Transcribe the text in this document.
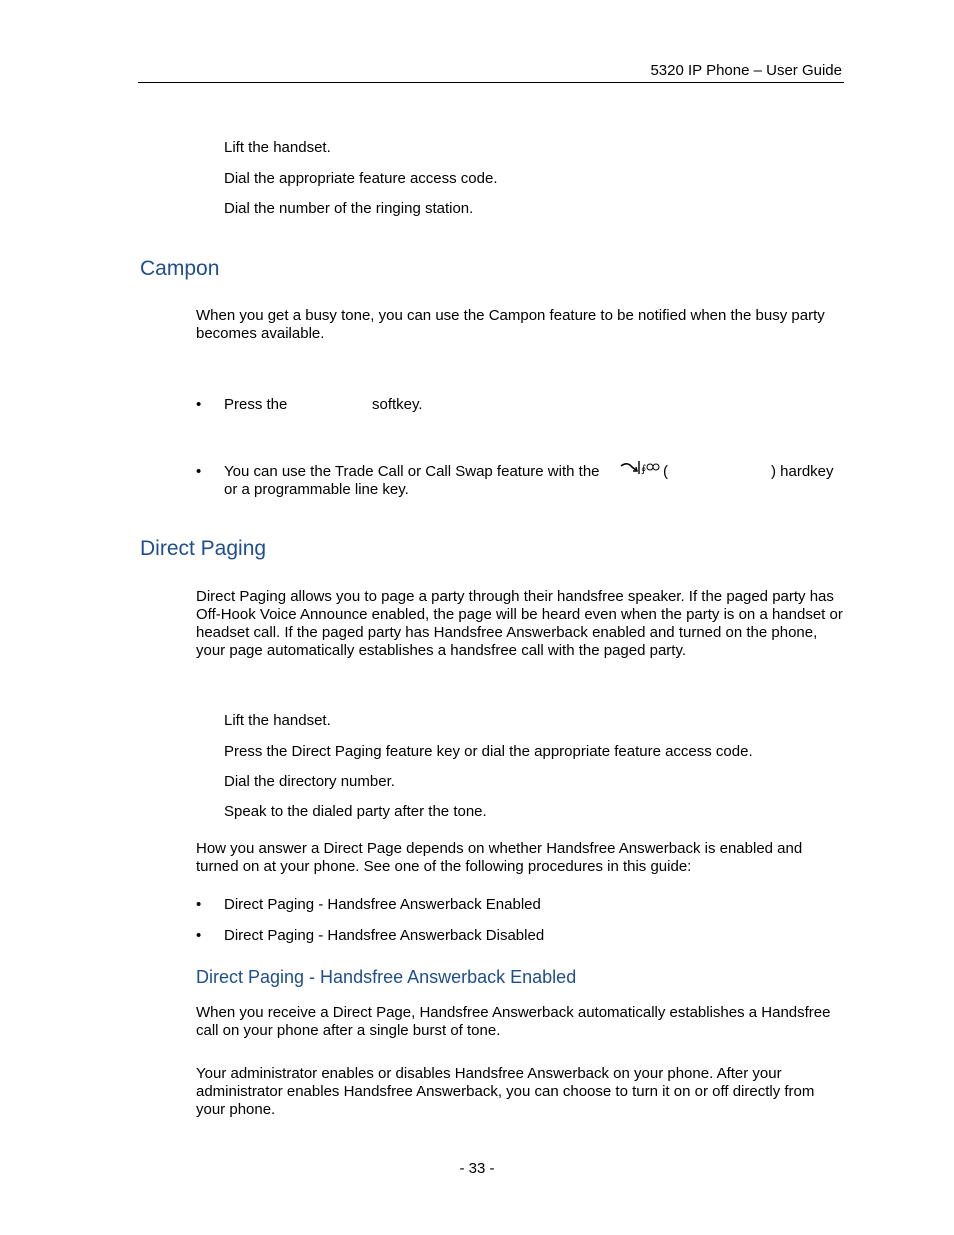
5320 IP Phone – User Guide
Lift the handset.
Dial the appropriate feature access code.
Dial the number of the ringing station.
Campon
When you get a busy tone, you can use the Campon feature to be notified when the busy party becomes available.
• Press the	softkey.
• You can use the Trade Call or Call Swap feature with the	∮ (	) hardkey
or a programmable line key.
Direct Paging
Direct Paging allows you to page a party through their handsfree speaker. If the paged party has Off-Hook Voice Announce enabled, the page will be heard even when the party is on a handset or headset call. If the paged party has Handsfree Answerback enabled and turned on the phone, your page automatically establishes a handsfree call with the paged party.
Lift the handset.
Press the Direct Paging feature key or dial the appropriate feature access code.
Dial the directory number.
Speak to the dialed party after the tone.
How you answer a Direct Page depends on whether Handsfree Answerback is enabled and turned on at your phone. See one of the following procedures in this guide:
• Direct Paging - Handsfree Answerback Enabled
• Direct Paging - Handsfree Answerback Disabled
Direct Paging - Handsfree Answerback Enabled
When you receive a Direct Page, Handsfree Answerback automatically establishes a Handsfree call on your phone after a single burst of tone.
Your administrator enables or disables Handsfree Answerback on your phone. After your administrator enables Handsfree Answerback, you can choose to turn it on or off directly from your phone.
- 33 -
